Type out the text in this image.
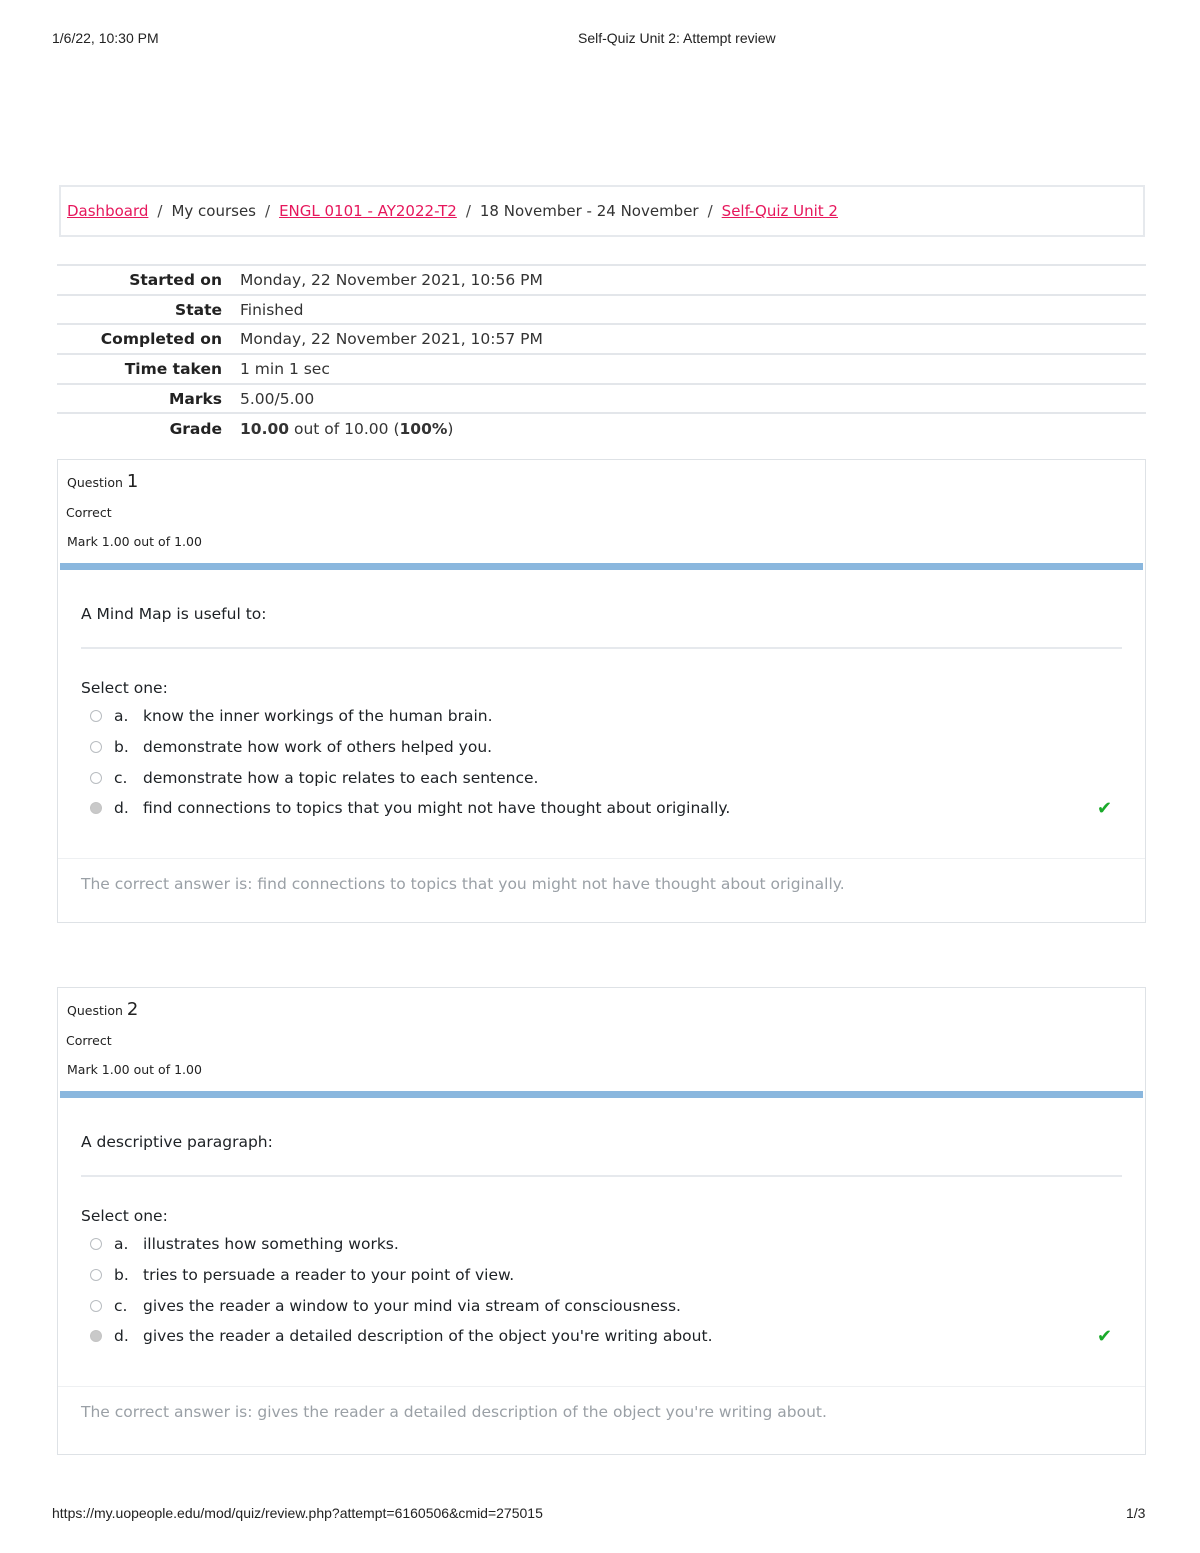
1/6/22, 10:30 PM	Self-Quiz Unit 2: Attempt review
Dashboard / My courses / ENGL 0101 - AY2022-T2 / 18 November - 24 November / Self-Quiz Unit 2
Started on	Monday, 22 November 2021, 10:56 PM
State	Finished
Completed on	Monday, 22 November 2021, 10:57 PM
Time taken	1 min 1 sec
Marks	5.00/5.00
Grade	10.00 out of 10.00 (100%)
Question 1
Correct
Mark 1.00 out of 1.00
A Mind Map is useful to:
Select one:
a. know the inner workings of the human brain.
b. demonstrate how work of others helped you.
c.	demonstrate how a topic relates to each sentence.
d. find connections to topics that you might not have thought about originally.	✔
The correct answer is: find connections to topics that you might not have thought about originally.
Question 2
Correct
Mark 1.00 out of 1.00
A descriptive paragraph:
Select one:
a. illustrates how something works.
b. tries to persuade a reader to your point of view.
c.	gives the reader a window to your mind via stream of consciousness.
d. gives the reader a detailed description of the object you're writing about.	✔
The correct answer is: gives the reader a detailed description of the object you're writing about.
https://my.uopeople.edu/mod/quiz/review.php?attempt=6160506&cmid=275015	1/3
